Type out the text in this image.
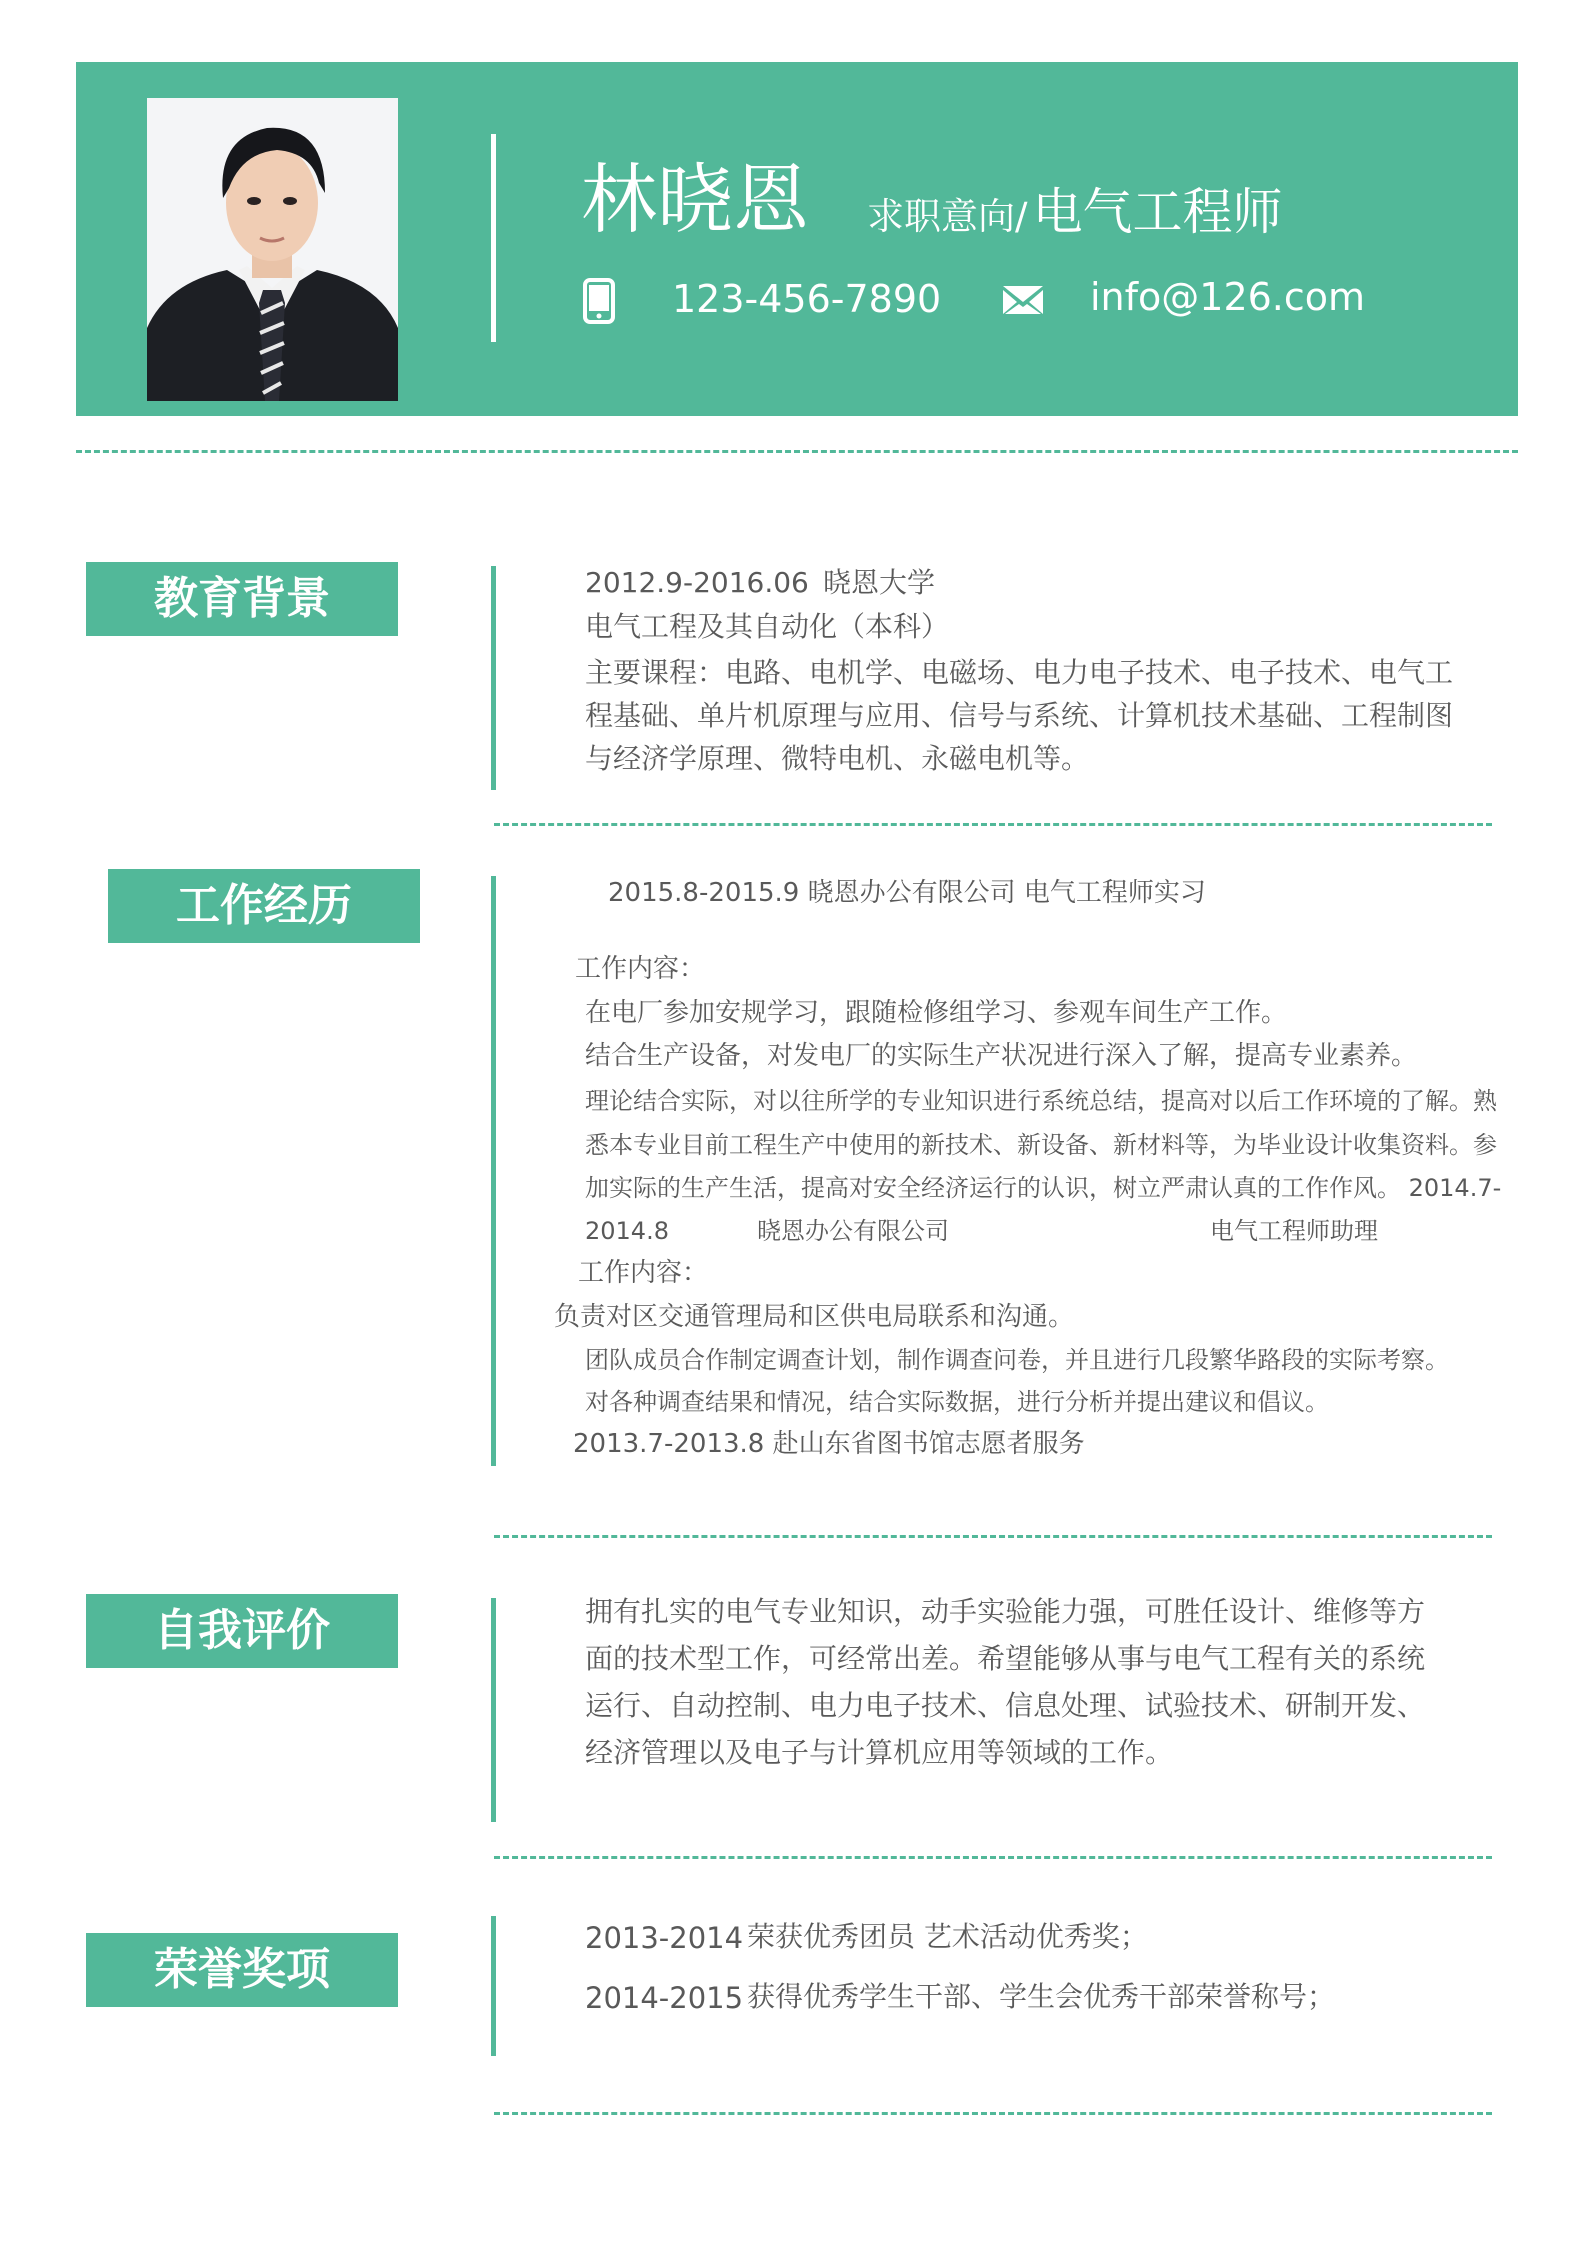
林晓恩 求职意向/ 电气工程师
123-456-7890	info@126.com
教育背景	2012.9-2016.06 晓恩大学
电气工程及其自动化（本科）
主要课程：电路、电机学、电磁场、电力电子技术、电子技术、电气工
程基础、单片机原理与应用、信号与系统、计算机技术基础、工程制图
与经济学原理、微特电机、永磁电机等。
工作经历	2015.8-2015.9 晓恩办公有限公司 电气工程师实习
工作内容：
在电厂参加安规学习，跟随检修组学习、参观车间生产工作。
结合生产设备，对发电厂的实际生产状况进行深入了解，提高专业素养。
理论结合实际，对以往所学的专业知识进行系统总结，提高对以后工作环境的了解。熟
悉本专业目前工程生产中使用的新技术、新设备、新材料等，为毕业设计收集资料。参
加实际的生产生活，提高对安全经济运行的认识，树立严肃认真的工作作风。 2014.7-
2014.8	晓恩办公有限公司	电气工程师助理
工作内容：
负责对区交通管理局和区供电局联系和沟通。
团队成员合作制定调查计划，制作调查问卷，并且进行几段繁华路段的实际考察。
对各种调查结果和情况，结合实际数据，进行分析并提出建议和倡议。
2013.7-2013.8 赴山东省图书馆志愿者服务
自我评价	拥有扎实的电气专业知识，动手实验能力强，可胜任设计、维修等方
面的技术型工作，可经常出差。希望能够从事与电气工程有关的系统
运行、自动控制、电力电子技术、信息处理、试验技术、研制开发、
经济管理以及电子与计算机应用等领域的工作。
荣誉奖项
2013-2014 荣获优秀团员 艺术活动优秀奖；
2014-2015 获得优秀学生干部、学生会优秀干部荣誉称号；
